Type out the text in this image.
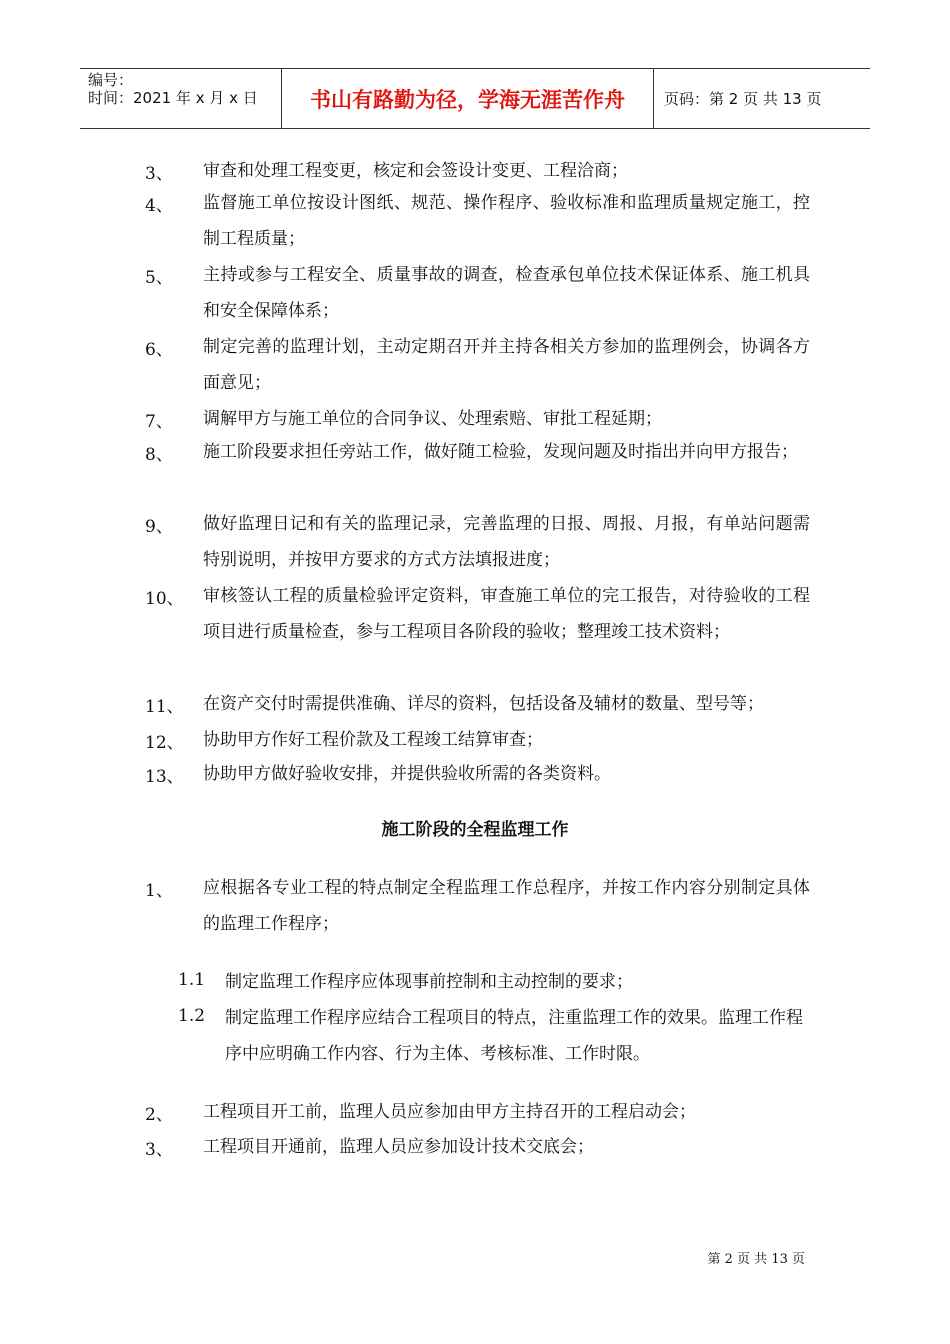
编号：
时间：2021 年 x 月 x 日	书山有路勤为径，学海无涯苦作舟	页码：第 2 页 共 13 页
3、 审查和处理工程变更，核定和会签设计变更、工程洽商；
4、 监督施工单位按设计图纸、规范、操作程序、验收标准和监理质量规定施工，控制工程质量；
5、 主持或参与工程安全、质量事故的调查，检查承包单位技术保证体系、施工机具和安全保障体系；
6、 制定完善的监理计划，主动定期召开并主持各相关方参加的监理例会，协调各方面意见；
7、 调解甲方与施工单位的合同争议、处理索赔、审批工程延期；
8、 施工阶段要求担任旁站工作，做好随工检验，发现问题及时指出并向甲方报告；
9、 做好监理日记和有关的监理记录，完善监理的日报、周报、月报，有单站问题需特别说明，并按甲方要求的方式方法填报进度；
10、 审核签认工程的质量检验评定资料，审查施工单位的完工报告，对待验收的工程项目进行质量检查，参与工程项目各阶段的验收；整理竣工技术资料；
11、 在资产交付时需提供准确、详尽的资料，包括设备及辅材的数量、型号等；
12、 协助甲方作好工程价款及工程竣工结算审查；
13、 协助甲方做好验收安排，并提供验收所需的各类资料。
施工阶段的全程监理工作
1、 应根据各专业工程的特点制定全程监理工作总程序，并按工作内容分别制定具体的监理工作程序；
1.1 制定监理工作程序应体现事前控制和主动控制的要求；
1.2 制定监理工作程序应结合工程项目的特点，注重监理工作的效果。监理工作程序中应明确工作内容、行为主体、考核标准、工作时限。
2、 工程项目开工前，监理人员应参加由甲方主持召开的工程启动会；
3、 工程项目开通前，监理人员应参加设计技术交底会；
第 2 页 共 13 页
